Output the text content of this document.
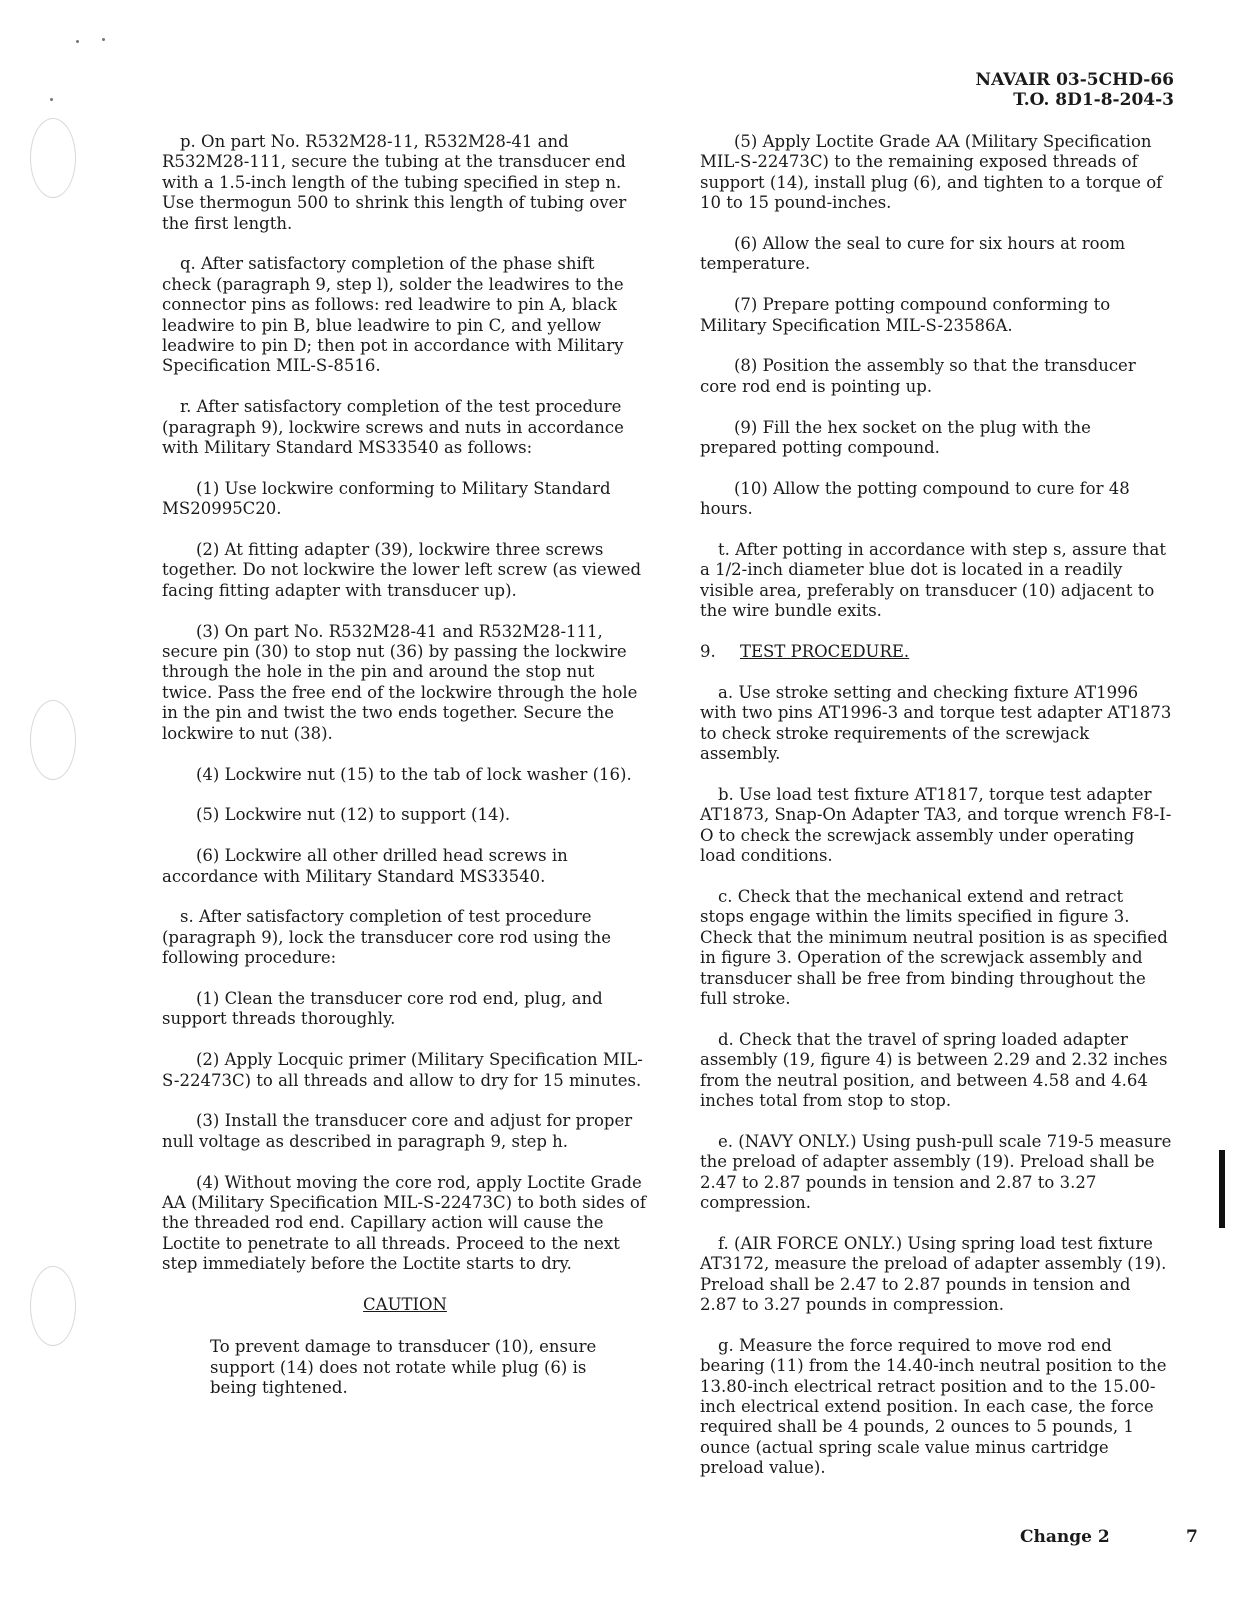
NAVAIR 03-5CHD-66
T.O. 8D1-8-204-3

p. On part No. R532M28-11, R532M28-41 and R532M28-111, secure the tubing at the transducer end with a 1.5-inch length of the tubing specified in step n. Use thermogun 500 to shrink this length of tubing over the first length.

q. After satisfactory completion of the phase shift check (paragraph 9, step l), solder the leadwires to the connector pins as follows: red leadwire to pin A, black leadwire to pin B, blue leadwire to pin C, and yellow leadwire to pin D; then pot in accordance with Military Specification MIL-S-8516.

r. After satisfactory completion of the test procedure (paragraph 9), lockwire screws and nuts in accordance with Military Standard MS33540 as follows:

(1) Use lockwire conforming to Military Standard MS20995C20.

(2) At fitting adapter (39), lockwire three screws together. Do not lockwire the lower left screw (as viewed facing fitting adapter with transducer up).

(3) On part No. R532M28-41 and R532M28-111, secure pin (30) to stop nut (36) by passing the lockwire through the hole in the pin and around the stop nut twice. Pass the free end of the lockwire through the hole in the pin and twist the two ends together. Secure the lockwire to nut (38).

(4) Lockwire nut (15) to the tab of lock washer (16).

(5) Lockwire nut (12) to support (14).

(6) Lockwire all other drilled head screws in accordance with Military Standard MS33540.

s. After satisfactory completion of test procedure (paragraph 9), lock the transducer core rod using the following procedure:

(1) Clean the transducer core rod end, plug, and support threads thoroughly.

(2) Apply Locquic primer (Military Specification MIL-S-22473C) to all threads and allow to dry for 15 minutes.

(3) Install the transducer core and adjust for proper null voltage as described in paragraph 9, step h.

(4) Without moving the core rod, apply Loctite Grade AA (Military Specification MIL-S-22473C) to both sides of the threaded rod end. Capillary action will cause the Loctite to penetrate to all threads. Proceed to the next step immediately before the Loctite starts to dry.

CAUTION

To prevent damage to transducer (10), ensure support (14) does not rotate while plug (6) is being tightened.

(5) Apply Loctite Grade AA (Military Specification MIL-S-22473C) to the remaining exposed threads of support (14), install plug (6), and tighten to a torque of 10 to 15 pound-inches.

(6) Allow the seal to cure for six hours at room temperature.

(7) Prepare potting compound conforming to Military Specification MIL-S-23586A.

(8) Position the assembly so that the transducer core rod end is pointing up.

(9) Fill the hex socket on the plug with the prepared potting compound.

(10) Allow the potting compound to cure for 48 hours.

t. After potting in accordance with step s, assure that a 1/2-inch diameter blue dot is located in a readily visible area, preferably on transducer (10) adjacent to the wire bundle exits.

9. TEST PROCEDURE.

a. Use stroke setting and checking fixture AT1996 with two pins AT1996-3 and torque test adapter AT1873 to check stroke requirements of the screwjack assembly.

b. Use load test fixture AT1817, torque test adapter AT1873, Snap-On Adapter TA3, and torque wrench F8-I-O to check the screwjack assembly under operating load conditions.

c. Check that the mechanical extend and retract stops engage within the limits specified in figure 3. Check that the minimum neutral position is as specified in figure 3. Operation of the screwjack assembly and transducer shall be free from binding throughout the full stroke.

d. Check that the travel of spring loaded adapter assembly (19, figure 4) is between 2.29 and 2.32 inches from the neutral position, and between 4.58 and 4.64 inches total from stop to stop.

e. (NAVY ONLY.) Using push-pull scale 719-5 measure the preload of adapter assembly (19). Preload shall be 2.47 to 2.87 pounds in tension and 2.87 to 3.27 compression.

f. (AIR FORCE ONLY.) Using spring load test fixture AT3172, measure the preload of adapter assembly (19). Preload shall be 2.47 to 2.87 pounds in tension and 2.87 to 3.27 pounds in compression.

g. Measure the force required to move rod end bearing (11) from the 14.40-inch neutral position to the 13.80-inch electrical retract position and to the 15.00-inch electrical extend position. In each case, the force required shall be 4 pounds, 2 ounces to 5 pounds, 1 ounce (actual spring scale value minus cartridge preload value).

Change 2	7
